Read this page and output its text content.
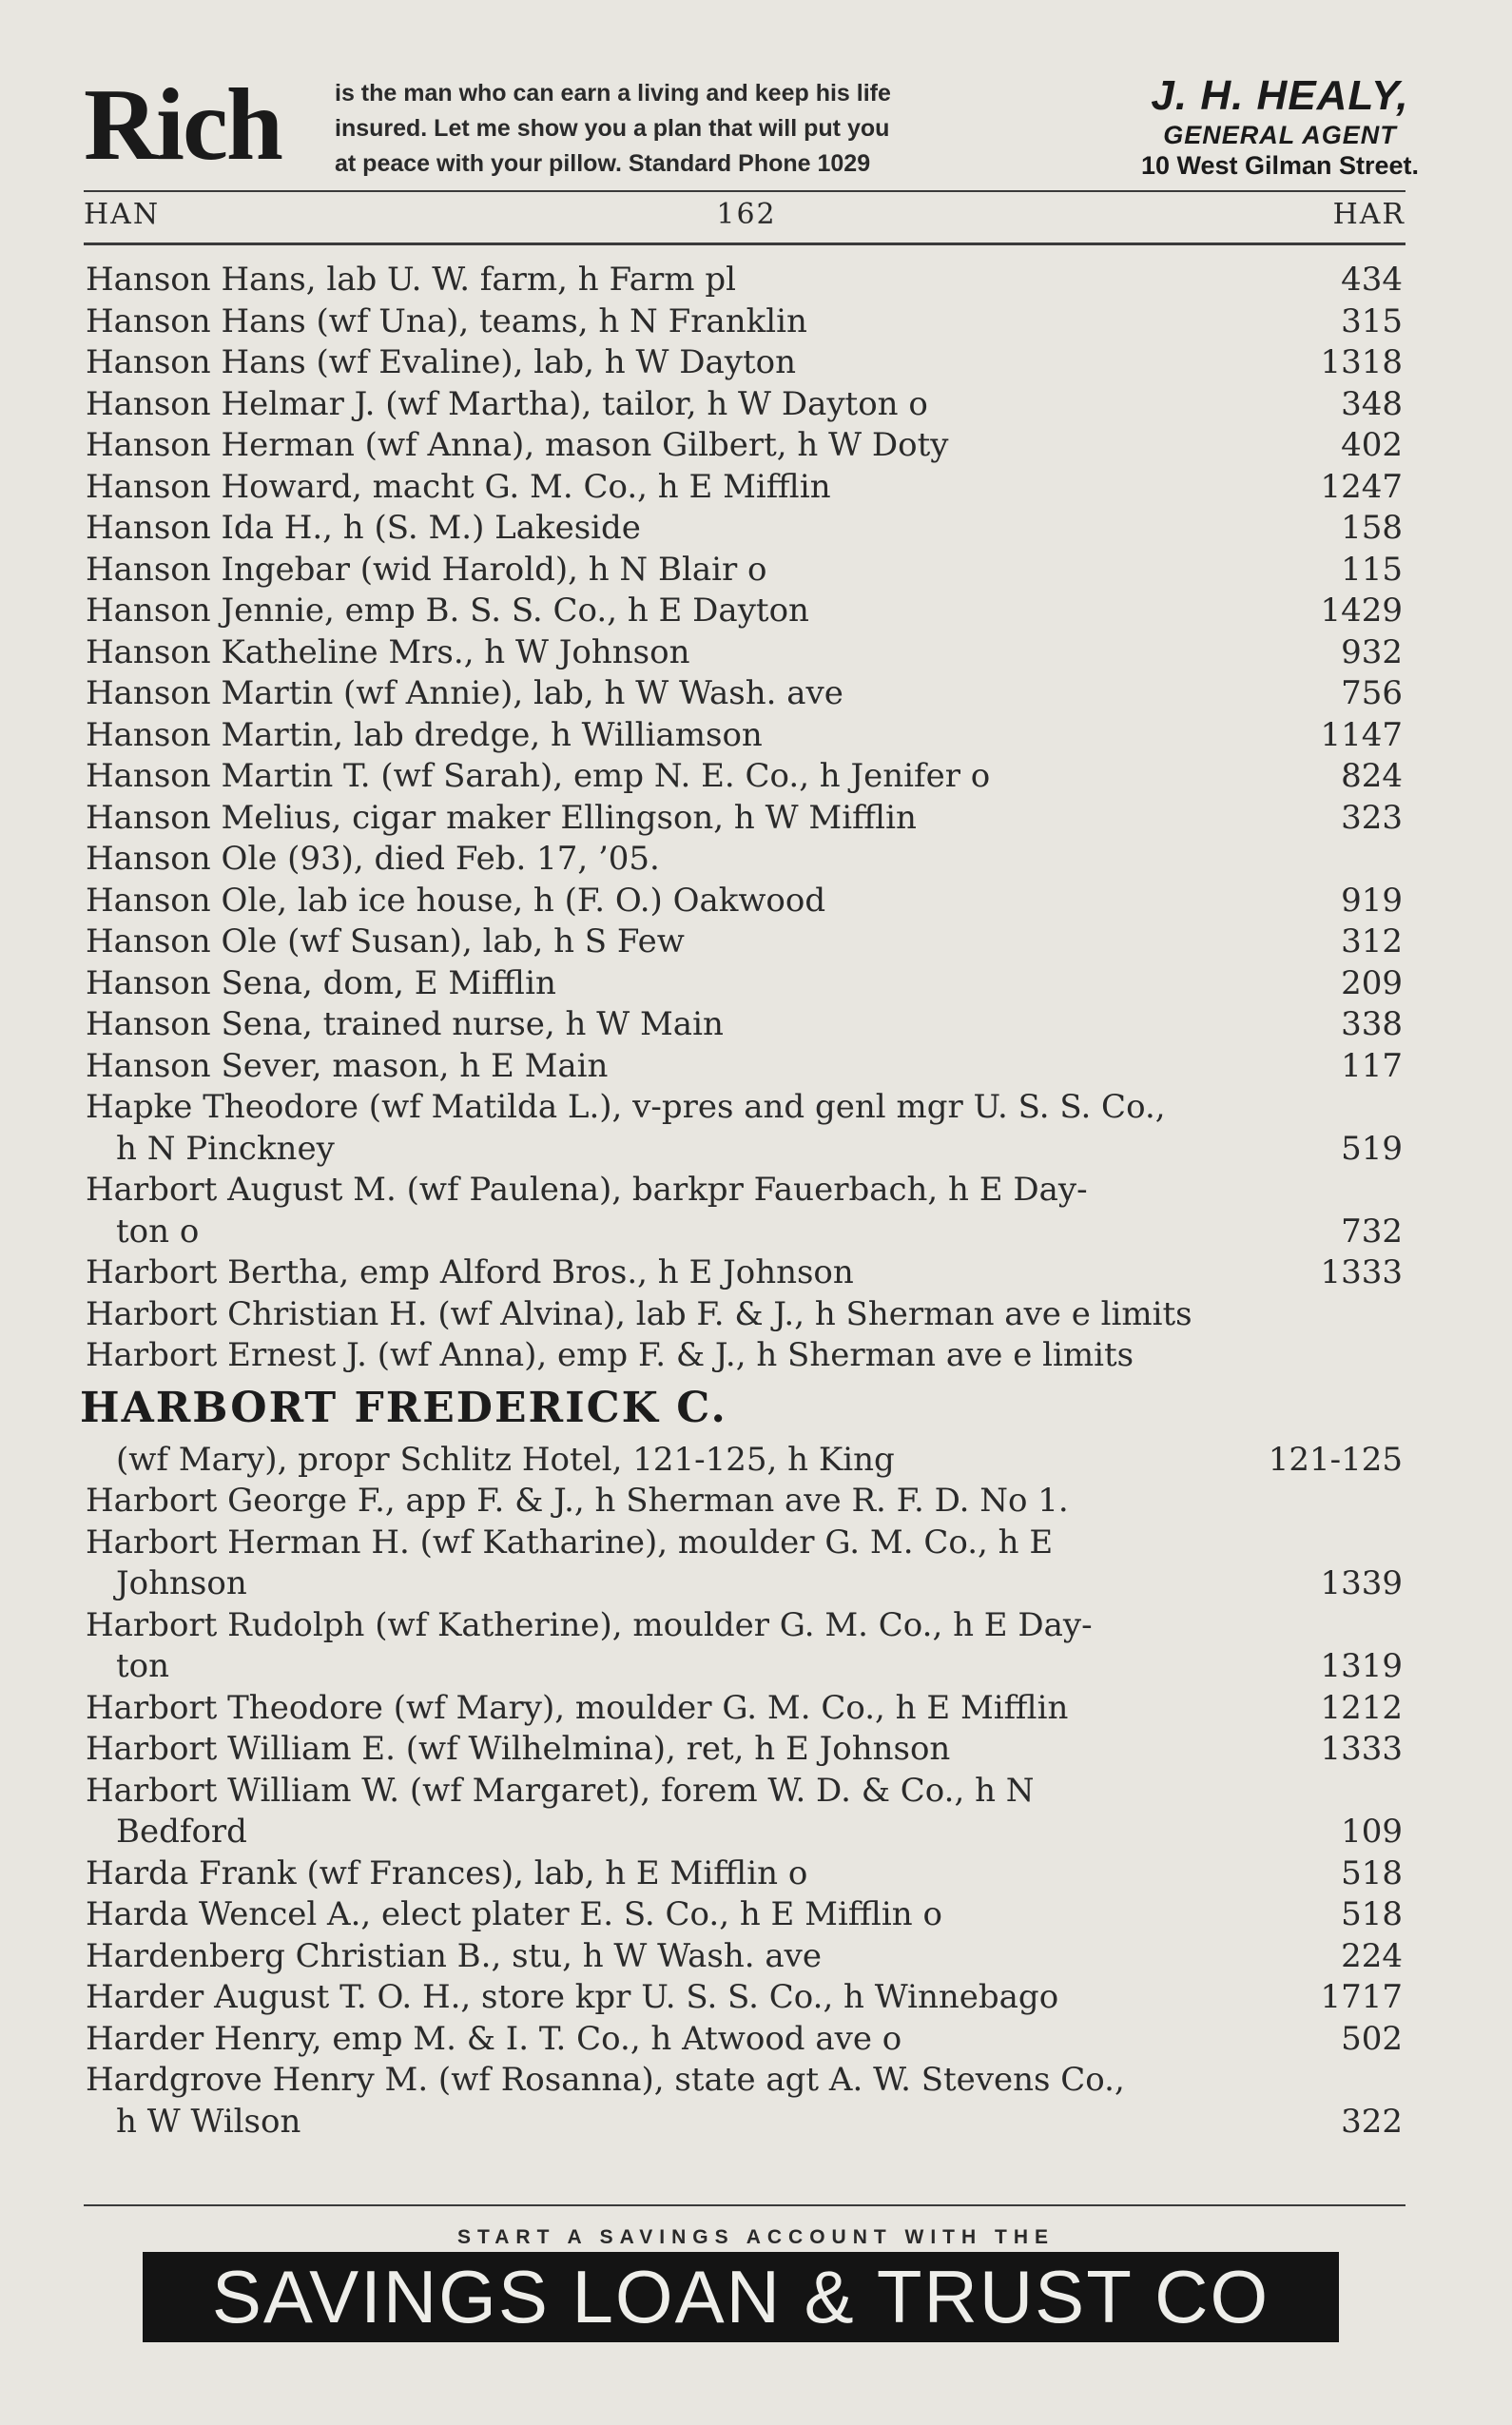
Rich is the man who can earn a living and keep his life
insured. Let me show you a plan that will put you
at peace with your pillow. Standard Phone 1029
J. H. HEALY,
GENERAL AGENT
10 West Gilman Street.
HAN	162	HAR
Hanson Hans, lab U. W. farm, h Farm pl	434
Hanson Hans (wf Una), teams, h N Franklin	315
Hanson Hans (wf Evaline), lab, h W Dayton	1318
Hanson Helmar J. (wf Martha), tailor, h W Dayton o	348
Hanson Herman (wf Anna), mason Gilbert, h W Doty	402
Hanson Howard, macht G. M. Co., h E Mifflin	1247
Hanson Ida H., h (S. M.) Lakeside	158
Hanson Ingebar (wid Harold), h N Blair o	115
Hanson Jennie, emp B. S. S. Co., h E Dayton	1429
Hanson Katheline Mrs., h W Johnson	932
Hanson Martin (wf Annie), lab, h W Wash. ave	756
Hanson Martin, lab dredge, h Williamson	1147
Hanson Martin T. (wf Sarah), emp N. E. Co., h Jenifer o	824
Hanson Melius, cigar maker Ellingson, h W Mifflin	323
Hanson Ole (93), died Feb. 17, ’05.
Hanson Ole, lab ice house, h (F. O.) Oakwood	919
Hanson Ole (wf Susan), lab, h S Few	312
Hanson Sena, dom, E Mifflin	209
Hanson Sena, trained nurse, h W Main	338
Hanson Sever, mason, h E Main	117
Hapke Theodore (wf Matilda L.), v-pres and genl mgr U. S. S. Co.,
h N Pinckney	519
Harbort August M. (wf Paulena), barkpr Fauerbach, h E Day-
ton o	732
Harbort Bertha, emp Alford Bros., h E Johnson	1333
Harbort Christian H. (wf Alvina), lab F. & J., h Sherman ave e limits
Harbort Ernest J. (wf Anna), emp F. & J., h Sherman ave e limits
HARBORT FREDERICK C.
(wf Mary), propr Schlitz Hotel, 121-125, h King	121-125
Harbort George F., app F. & J., h Sherman ave R. F. D. No 1.
Harbort Herman H. (wf Katharine), moulder G. M. Co., h E
Johnson	1339
Harbort Rudolph (wf Katherine), moulder G. M. Co., h E Day-
ton	1319
Harbort Theodore (wf Mary), moulder G. M. Co., h E Mifflin	1212
Harbort William E. (wf Wilhelmina), ret, h E Johnson	1333
Harbort William W. (wf Margaret), forem W. D. & Co., h N
Bedford	109
Harda Frank (wf Frances), lab, h E Mifflin o	518
Harda Wencel A., elect plater E. S. Co., h E Mifflin o	518
Hardenberg Christian B., stu, h W Wash. ave	224
Harder August T. O. H., store kpr U. S. S. Co., h Winnebago	1717
Harder Henry, emp M. & I. T. Co., h Atwood ave o	502
Hardgrove Henry M. (wf Rosanna), state agt A. W. Stevens Co.,
h W Wilson	322
START A SAVINGS ACCOUNT WITH THE
SAVINGS LOAN & TRUST CO
